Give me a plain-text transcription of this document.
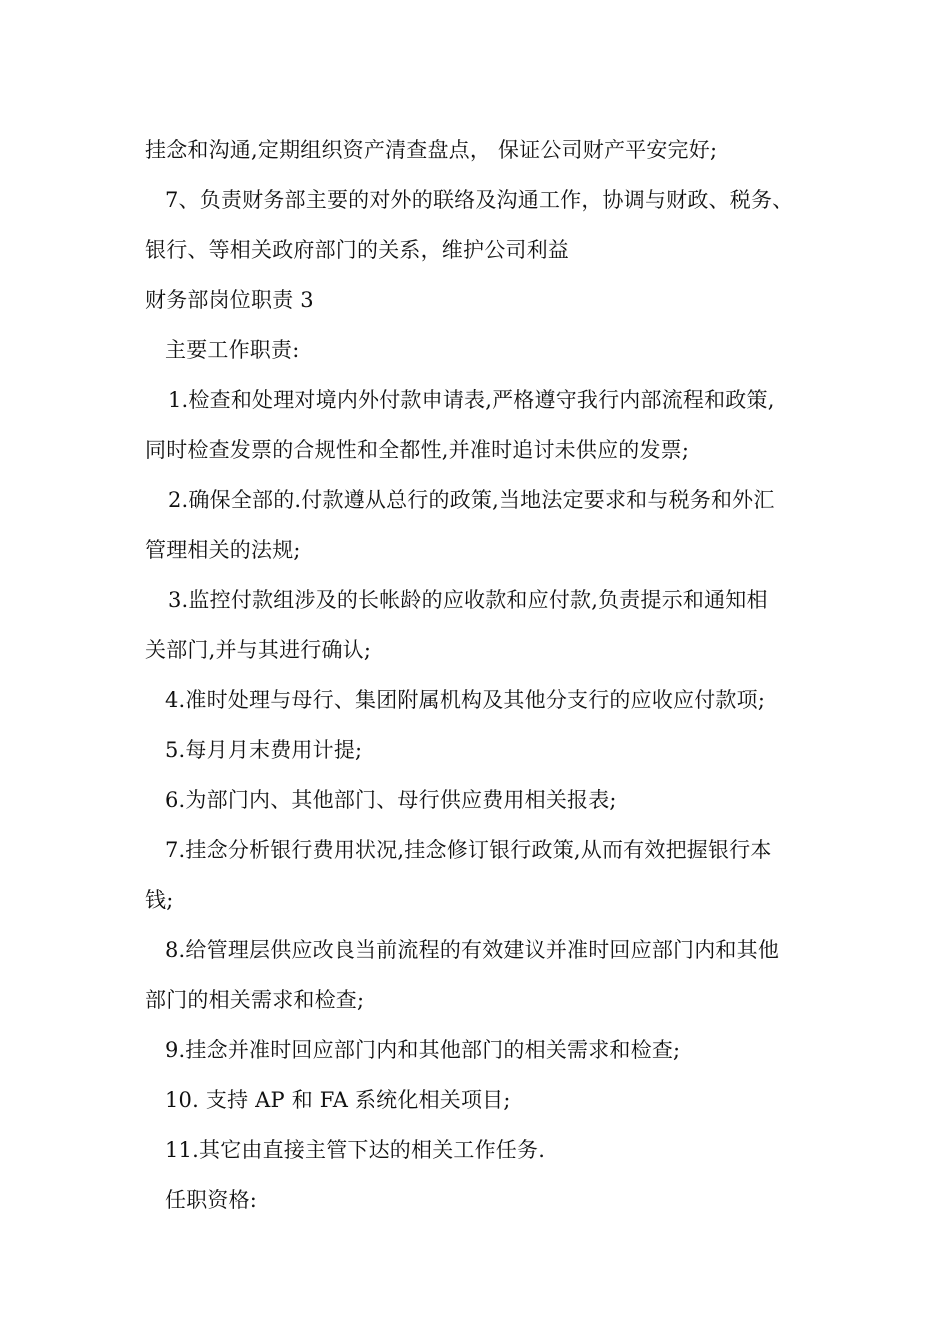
挂念和沟通,定期组织资产清查盘点， 保证公司财产平安完好;
7、负责财务部主要的对外的联络及沟通工作，协调与财政、税务、
银行、等相关政府部门的关系，维护公司利益
财务部岗位职责 3
主要工作职责:
1.检查和处理对境内外付款申请表,严格遵守我行内部流程和政策,
同时检查发票的合规性和全都性,并准时追讨未供应的发票;
2.确保全部的.付款遵从总行的政策,当地法定要求和与税务和外汇
管理相关的法规;
3.监控付款组涉及的长帐龄的应收款和应付款,负责提示和通知相
关部门,并与其进行确认;
4.准时处理与母行、集团附属机构及其他分支行的应收应付款项;
5.每月月末费用计提;
6.为部门内、其他部门、母行供应费用相关报表;
7.挂念分析银行费用状况,挂念修订银行政策,从而有效把握银行本
钱;
8.给管理层供应改良当前流程的有效建议并准时回应部门内和其他
部门的相关需求和检查;
9.挂念并准时回应部门内和其他部门的相关需求和检查;
10. 支持 AP 和 FA 系统化相关项目;
11.其它由直接主管下达的相关工作任务.
任职资格:
